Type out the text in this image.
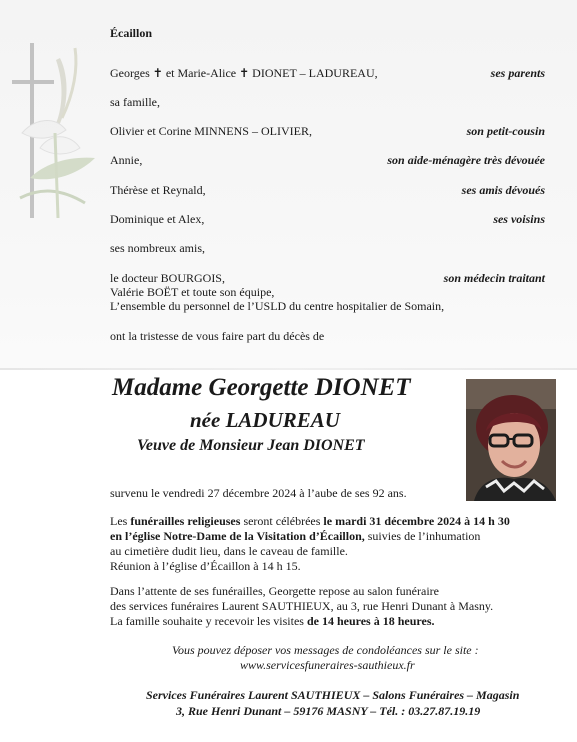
Écaillon
Georges ✝ et Marie-Alice ✝ DIONET – LADUREAU,	ses parents
sa famille,
Olivier et Corine MINNENS – OLIVIER,	son petit-cousin
Annie,	son aide-ménagère très dévouée
Thérèse et Reynald,	ses amis dévoués
Dominique et Alex,	ses voisins
ses nombreux amis,
le docteur BOURGOIS,	son médecin traitant
Valérie BOËT et toute son équipe,
L’ensemble du personnel de l’USLD du centre hospitalier de Somain,
ont la tristesse de vous faire part du décès de
Madame Georgette DIONET
née LADUREAU
Veuve de Monsieur Jean DIONET
survenu le vendredi 27 décembre 2024 à l’aube de ses 92 ans.
Les funérailles religieuses seront célébrées le mardi 31 décembre 2024 à 14 h 30
en l’église Notre-Dame de la Visitation d’Écaillon, suivies de l’inhumation
au cimetière dudit lieu, dans le caveau de famille.
Réunion à l’église d’Écaillon à 14 h 15.
Dans l’attente de ses funérailles, Georgette repose au salon funéraire
des services funéraires Laurent SAUTHIEUX, au 3, rue Henri Dunant à Masny.
La famille souhaite y recevoir les visites de 14 heures à 18 heures.
Vous pouvez déposer vos messages de condoléances sur le site :
www.servicesfuneraires-sauthieux.fr
Services Funéraires Laurent SAUTHIEUX – Salons Funéraires – Magasin
3, Rue Henri Dunant – 59176 MASNY – Tél. : 03.27.87.19.19
